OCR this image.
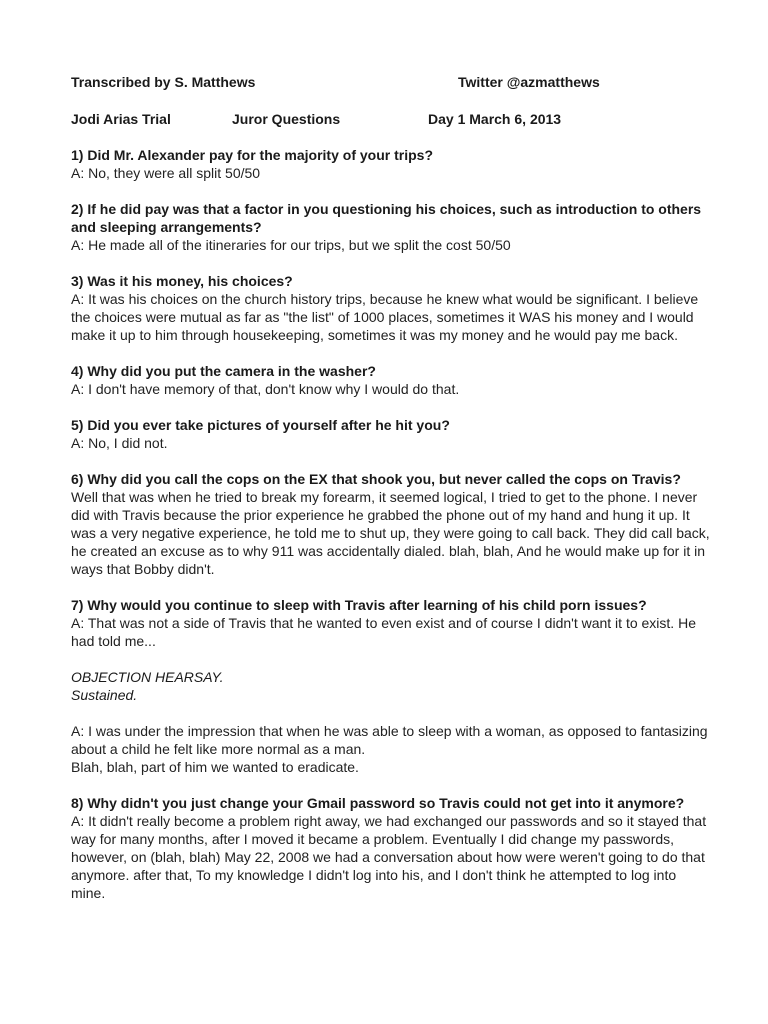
Transcribed by S. Matthews	Twitter @azmatthews
Jodi Arias Trial	Juror Questions	Day 1 March 6, 2013

1) Did Mr. Alexander pay for the majority of your trips?

A: No, they were all split 50/50

2) If he did pay was that a factor in you questioning his choices, such as introduction to others and sleeping arrangements?

A: He made all of the itineraries for our trips, but we split the cost 50/50

3) Was it his money, his choices?

A: It was his choices on the church history trips, because he knew what would be significant. I believe the choices were mutual as far as "the list" of 1000 places, sometimes it WAS his money and I would make it up to him through housekeeping, sometimes it was my money and he would pay me back.

4) Why did you put the camera in the washer?

A: I don't have memory of that, don't know why I would do that.

5) Did you ever take pictures of yourself after he hit you?

A: No, I did not.

6) Why did you call the cops on the EX that shook you, but never called the cops on Travis?

Well that was when he tried to break my forearm, it seemed logical, I tried to get to the phone. I never did with Travis because the prior experience he grabbed the phone out of my hand and hung it up. It was a very negative experience, he told me to shut up, they were going to call back. They did call back, he created an excuse as to why 911 was accidentally dialed. blah, blah, And he would make up for it in ways that Bobby didn't.

7) Why would you continue to sleep with Travis after learning of his child porn issues?

A: That was not a side of Travis that he wanted to even exist and of course I didn't want it to exist. He had told me...

OBJECTION HEARSAY.

Sustained.

A: I was under the impression that when he was able to sleep with a woman, as opposed to fantasizing about a child he felt like more normal as a man.

Blah, blah, part of him we wanted to eradicate.

8) Why didn't you just change your Gmail password so Travis could not get into it anymore?

A: It didn't really become a problem right away, we had exchanged our passwords and so it stayed that way for many months, after I moved it became a problem. Eventually I did change my passwords, however, on (blah, blah) May 22, 2008 we had a conversation about how were weren't going to do that anymore. after that, To my knowledge I didn't log into his, and I don't think he attempted to log into mine.
